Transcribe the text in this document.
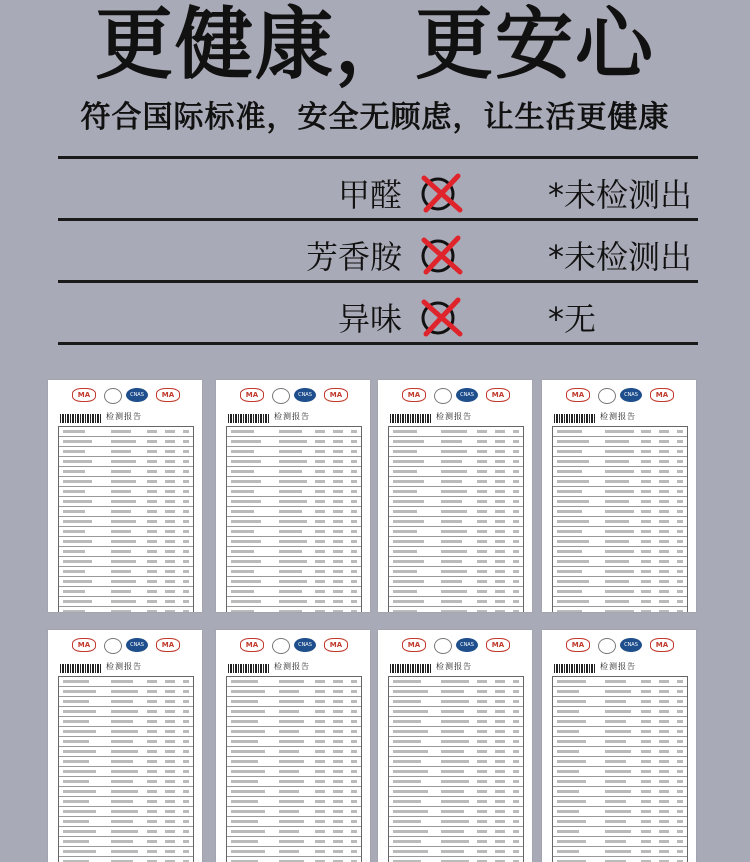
更健康，更安心
符合国际标准，安全无顾虑，让生活更健康
甲醛	*未检测出
芳香胺	*未检测出
异味	*无
MA	CNAS	MA
检测报告
MA	CNAS	MA
检测报告
MA	CNAS	MA
检测报告
MA	CNAS	MA
检测报告
MA	CNAS	MA
检测报告
MA	CNAS	MA
检测报告
MA	CNAS	MA
检测报告
MA	CNAS	MA
检测报告
